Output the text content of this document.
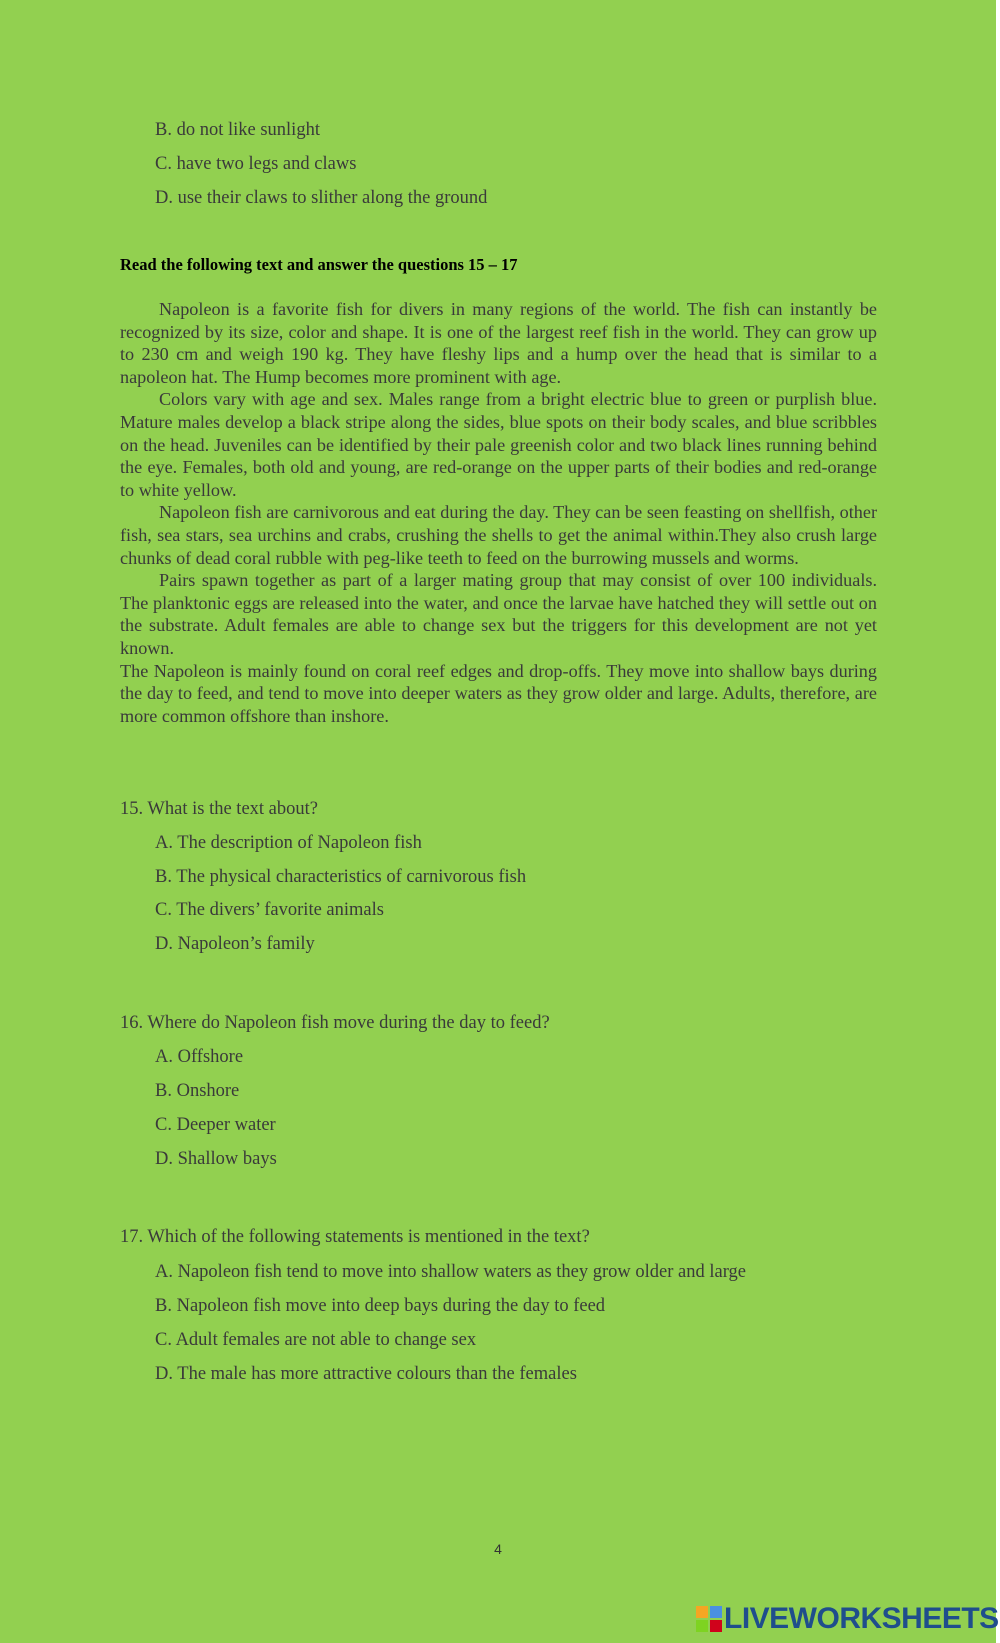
B. do not like sunlight
C. have two legs and claws
D. use their claws to slither along the ground
Read the following text and answer the questions 15 – 17

Napoleon is a favorite fish for divers in many regions of the world. The fish can instantly be recognized by its size, color and shape. It is one of the largest reef fish in the world. They can grow up to 230 cm and weigh 190 kg. They have fleshy lips and a hump over the head that is similar to a napoleon hat. The Hump becomes more prominent with age.

Colors vary with age and sex. Males range from a bright electric blue to green or purplish blue. Mature males develop a black stripe along the sides, blue spots on their body scales, and blue scribbles on the head. Juveniles can be identified by their pale greenish color and two black lines running behind the eye. Females, both old and young, are red-orange on the upper parts of their bodies and red-orange to white yellow.

Napoleon fish are carnivorous and eat during the day. They can be seen feasting on shellfish, other fish, sea stars, sea urchins and crabs, crushing the shells to get the animal within.They also crush large chunks of dead coral rubble with peg-like teeth to feed on the burrowing mussels and worms.

Pairs spawn together as part of a larger mating group that may consist of over 100 individuals. The planktonic eggs are released into the water, and once the larvae have hatched they will settle out on the substrate. Adult females are able to change sex but the triggers for this development are not yet known.

The Napoleon is mainly found on coral reef edges and drop-offs. They move into shallow bays during the day to feed, and tend to move into deeper waters as they grow older and large. Adults, therefore, are more common offshore than inshore.

15. What is the text about?
A. The description of Napoleon fish
B. The physical characteristics of carnivorous fish
C. The divers’ favorite animals
D. Napoleon’s family
16. Where do Napoleon fish move during the day to feed?
A. Offshore
B. Onshore
C. Deeper water
D. Shallow bays
17. Which of the following statements is mentioned in the text?
A. Napoleon fish tend to move into shallow waters as they grow older and large
B. Napoleon fish move into deep bays during the day to feed
C. Adult females are not able to change sex
D. The male has more attractive colours than the females
4
LIVEWORKSHEETS
